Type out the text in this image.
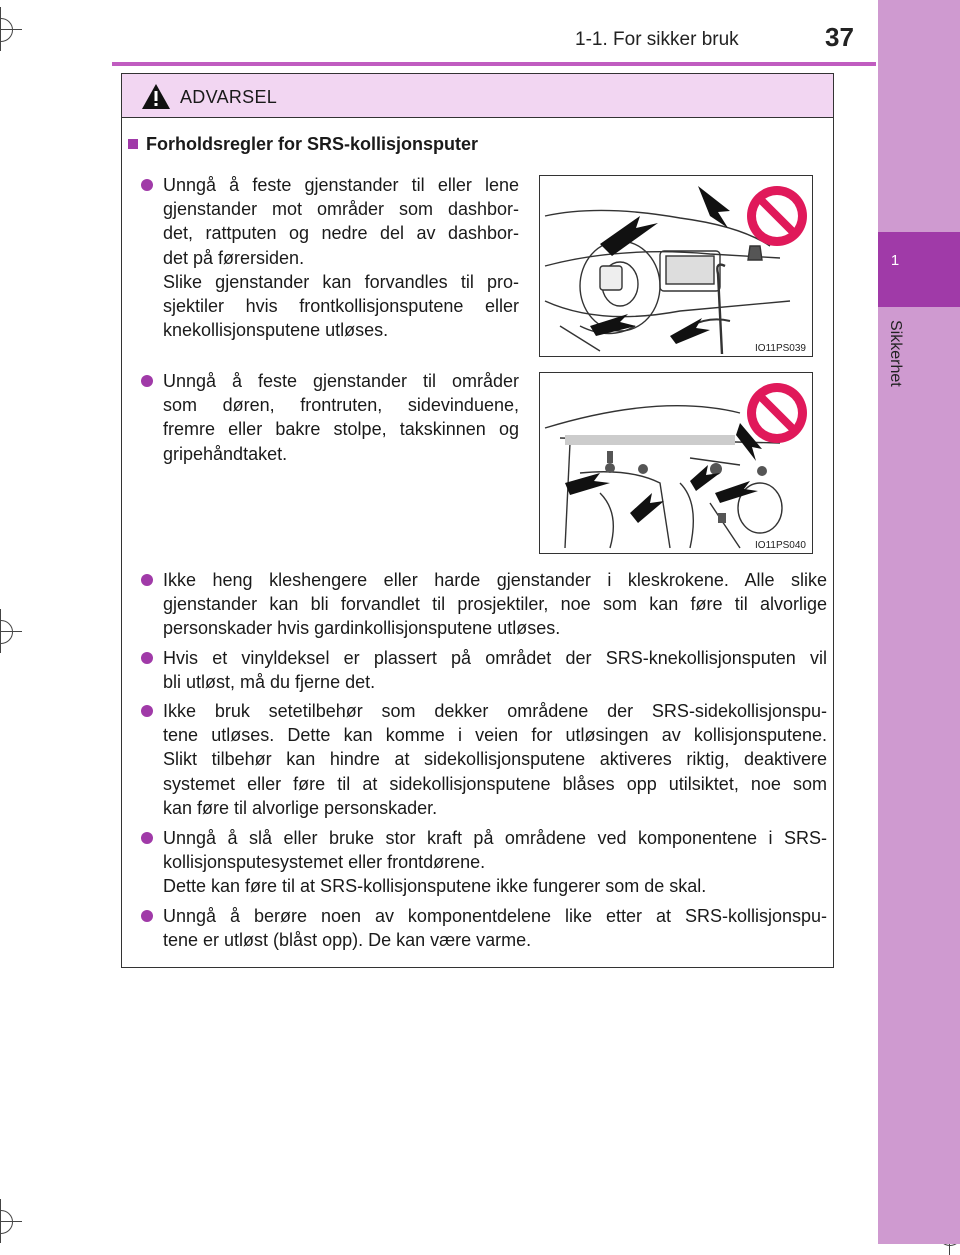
1
Sikkerhet
1-1. For sikker bruk	37
ADVARSEL
Forholdsregler for SRS-kollisjonsputer
Unngå å feste gjenstander til eller lene
gjenstander mot områder som dashbor-
det, rattputen og nedre del av dashbor-
det på førersiden.
Slike gjenstander kan forvandles til pro-
sjektiler hvis frontkollisjonsputene eller
knekollisjonsputene utløses.
IO11PS039
Unngå å feste gjenstander til områder
som døren, frontruten, sidevinduene,
fremre eller bakre stolpe, takskinnen og
gripehåndtaket.
IO11PS040
Ikke heng kleshengere eller harde gjenstander i kleskrokene. Alle slike
gjenstander kan bli forvandlet til prosjektiler, noe som kan føre til alvorlige
personskader hvis gardinkollisjonsputene utløses.
Hvis et vinyldeksel er plassert på området der SRS-knekollisjonsputen vil
bli utløst, må du fjerne det.
Ikke bruk setetilbehør som dekker områdene der SRS-sidekollisjonspu-
tene utløses. Dette kan komme i veien for utløsingen av kollisjonsputene.
Slikt tilbehør kan hindre at sidekollisjonsputene aktiveres riktig, deaktivere
systemet eller føre til at sidekollisjonsputene blåses opp utilsiktet, noe som
kan føre til alvorlige personskader.
Unngå å slå eller bruke stor kraft på områdene ved komponentene i SRS-
kollisjonsputesystemet eller frontdørene.
Dette kan føre til at SRS-kollisjonsputene ikke fungerer som de skal.
Unngå å berøre noen av komponentdelene like etter at SRS-kollisjonspu-
tene er utløst (blåst opp). De kan være varme.
carmanualsonline.info
